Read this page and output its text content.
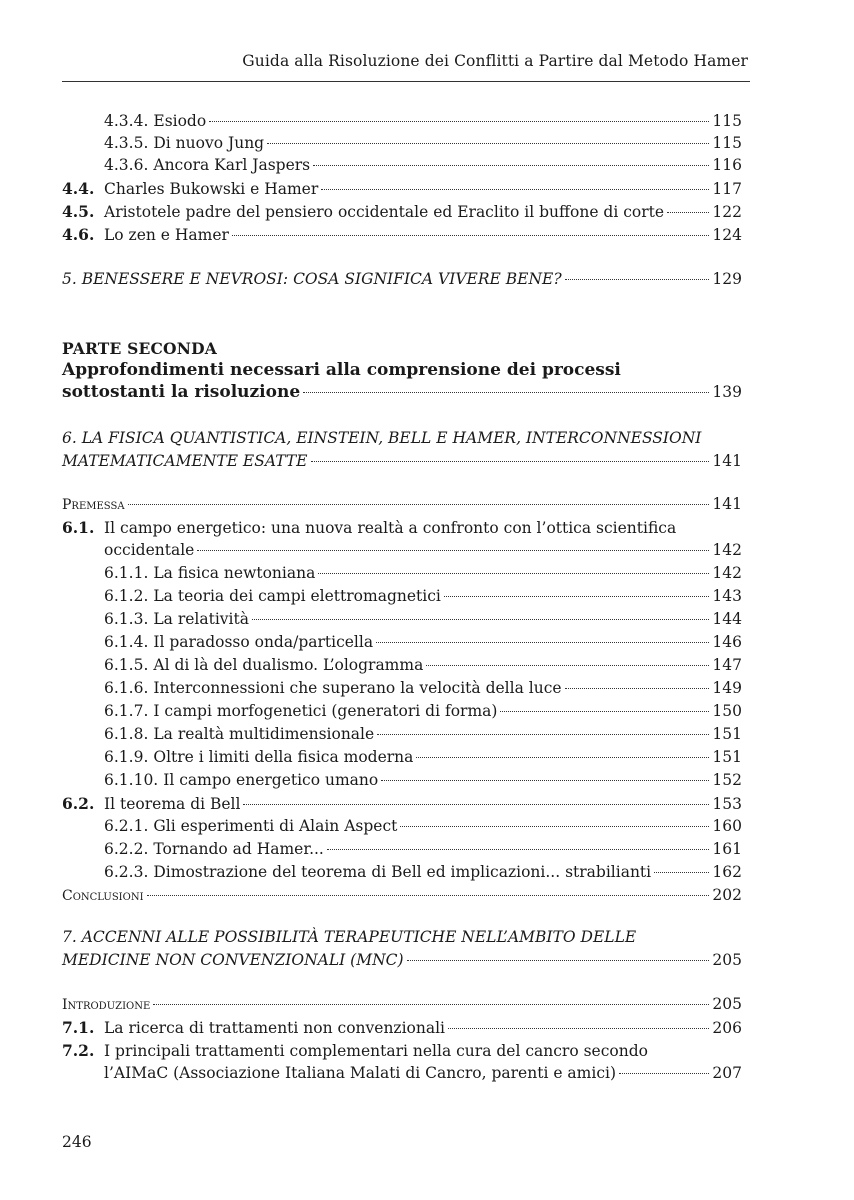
Guida alla Risoluzione dei Conflitti a Partire dal Metodo Hamer
4.3.4. Esiodo	115
4.3.5. Di nuovo Jung	115
4.3.6. Ancora Karl Jaspers	116
4.4. Charles Bukowski e Hamer	117
4.5. Aristotele padre del pensiero occidentale ed Eraclito il buffone di corte	122
4.6. Lo zen e Hamer	124
5. BENESSERE E NEVROSI: COSA SIGNIFICA VIVERE BENE?	129
PARTE SECONDA
Approfondimenti necessari alla comprensione dei processi
sottostanti la risoluzione	139
6. LA FISICA QUANTISTICA, EINSTEIN, BELL E HAMER, INTERCONNESSIONI
MATEMATICAMENTE ESATTE	141
Premessa	141
6.1. Il campo energetico: una nuova realtà a confronto con l’ottica scientifica
occidentale	142
6.1.1. La fisica newtoniana	142
6.1.2. La teoria dei campi elettromagnetici	143
6.1.3. La relatività	144
6.1.4. Il paradosso onda/particella	146
6.1.5. Al di là del dualismo. L’ologramma	147
6.1.6. Interconnessioni che superano la velocità della luce	149
6.1.7. I campi morfogenetici (generatori di forma)	150
6.1.8. La realtà multidimensionale	151
6.1.9. Oltre i limiti della fisica moderna	151
6.1.10. Il campo energetico umano	152
6.2. Il teorema di Bell	153
6.2.1. Gli esperimenti di Alain Aspect	160
6.2.2. Tornando ad Hamer...	161
6.2.3. Dimostrazione del teorema di Bell ed implicazioni... strabilianti	162
Conclusioni	202
7. ACCENNI ALLE POSSIBILITÀ TERAPEUTICHE NELL’AMBITO DELLE
MEDICINE NON CONVENZIONALI (MNC)	205
Introduzione	205
7.1. La ricerca di trattamenti non convenzionali	206
7.2. I principali trattamenti complementari nella cura del cancro secondo
l’AIMaC (Associazione Italiana Malati di Cancro, parenti e amici)	207
246
